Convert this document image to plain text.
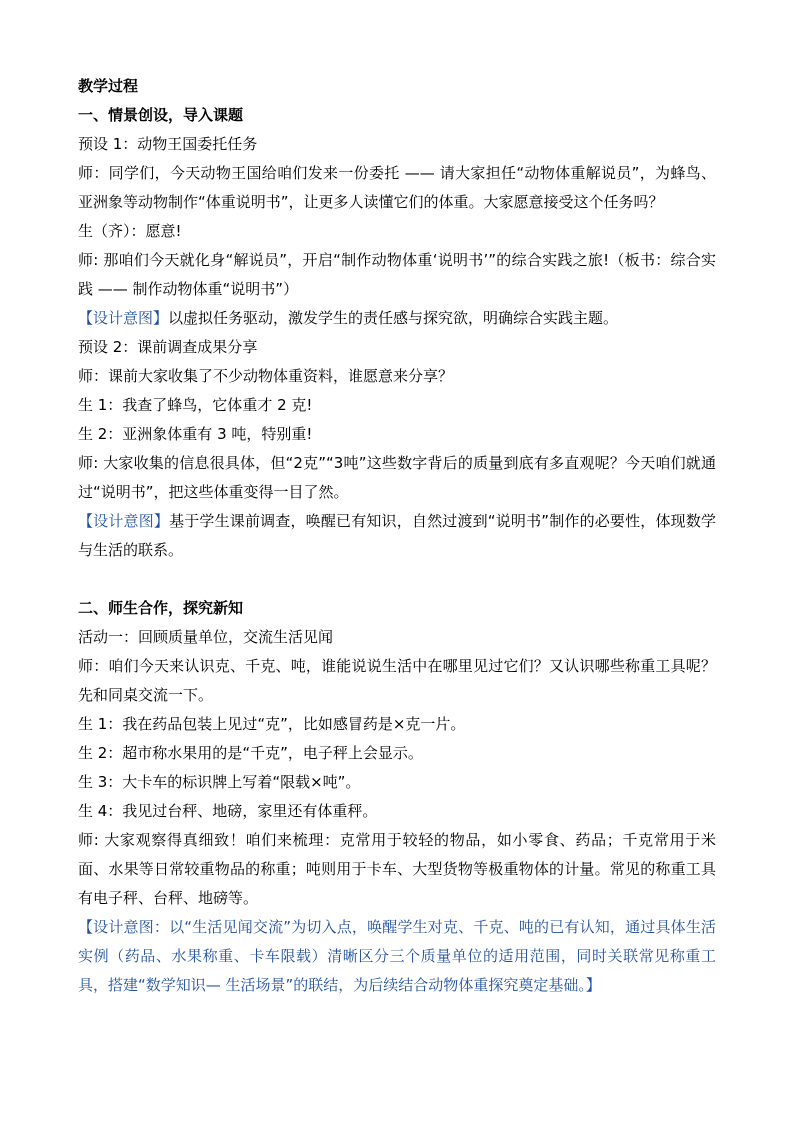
教学过程

一、情景创设，导入课题

预设 1：动物王国委托任务

师：同学们，今天动物王国给咱们发来一份委托 —— 请大家担任“动物体重解说员”，为蜂鸟、亚洲象等动物制作“体重说明书”，让更多人读懂它们的体重。大家愿意接受这个任务吗？

生（齐）：愿意!

师: 那咱们今天就化身“解说员”，开启“制作动物体重‘说明书’”的综合实践之旅!（板书：综合实践 —— 制作动物体重“说明书”）

【设计意图】以虚拟任务驱动，激发学生的责任感与探究欲，明确综合实践主题。

预设 2：课前调查成果分享

师：课前大家收集了不少动物体重资料，谁愿意来分享？

生 1：我查了蜂鸟，它体重才 2 克!

生 2：亚洲象体重有 3 吨，特别重!

师: 大家收集的信息很具体，但“2克”“3吨”这些数字背后的质量到底有多直观呢？今天咱们就通过“说明书”，把这些体重变得一目了然。

【设计意图】基于学生课前调查，唤醒已有知识，自然过渡到“说明书”制作的必要性，体现数学与生活的联系。

二、师生合作，探究新知

活动一：回顾质量单位，交流生活见闻

师：咱们今天来认识克、千克、吨，谁能说说生活中在哪里见过它们？又认识哪些称重工具呢？先和同桌交流一下。

生 1：我在药品包装上见过“克”，比如感冒药是×克一片。

生 2：超市称水果用的是“千克”，电子秤上会显示。

生 3：大卡车的标识牌上写着“限载×吨”。

生 4：我见过台秤、地磅，家里还有体重秤。

师: 大家观察得真细致！咱们来梳理：克常用于较轻的物品，如小零食、药品；千克常用于米面、水果等日常较重物品的称重；吨则用于卡车、大型货物等极重物体的计量。常见的称重工具有电子秤、台秤、地磅等。

【设计意图：以“生活见闻交流”为切入点，唤醒学生对克、千克、吨的已有认知，通过具体生活实例（药品、水果称重、卡车限载）清晰区分三个质量单位的适用范围，同时关联常见称重工具，搭建“数学知识— 生活场景”的联结，为后续结合动物体重探究奠定基础。】
